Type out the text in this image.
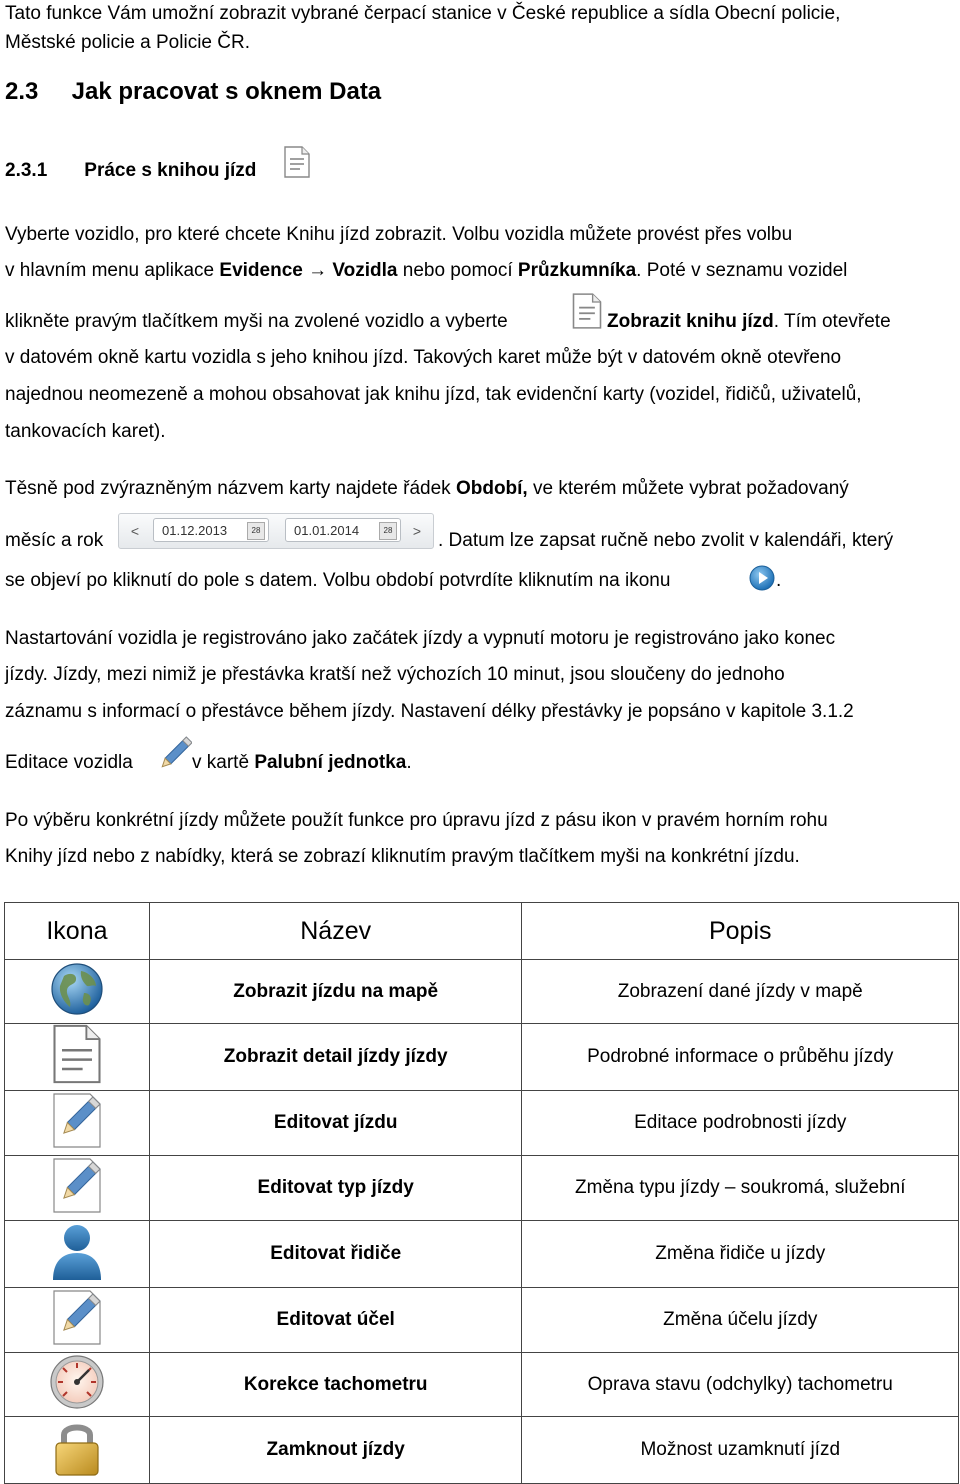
Tato funkce Vám umožní zobrazit vybrané čerpací stanice v České republice a sídla Obecní policie,
Městské policie a Policie ČR.
2.3 Jak pracovat s oknem Data
2.3.1 Práce s knihou jízd
Vyberte vozidlo, pro které chcete Knihu jízd zobrazit. Volbu vozidla můžete provést přes volbu
v hlavním menu aplikace Evidence → Vozidla nebo pomocí Průzkumníka. Poté v seznamu vozidel
klikněte pravým tlačítkem myši na zvolené vozidlo a vyberte	Zobrazit knihu jízd. Tím otevřete
v datovém okně kartu vozidla s jeho knihou jízd. Takových karet může být v datovém okně otevřeno
najednou neomezeně a mohou obsahovat jak knihu jízd, tak evidenční karty (vozidel, řidičů, uživatelů,
tankovacích karet).
Těsně pod zvýrazněným názvem karty najdete řádek Období, ve kterém můžete vybrat požadovaný
měsíc a rok	<	01.12.2013	28	01.01.2014	28	> . Datum lze zapsat ručně nebo zvolit v kalendáři, který
se objeví po kliknutí do pole s datem. Volbu období potvrdíte kliknutím na ikonu	.
Nastartování vozidla je registrováno jako začátek jízdy a vypnutí motoru je registrováno jako konec
jízdy. Jízdy, mezi nimiž je přestávka kratší než výchozích 10 minut, jsou sloučeny do jednoho
záznamu s informací o přestávce během jízdy. Nastavení délky přestávky je popsáno v kapitole 3.1.2
Editace vozidla	v kartě Palubní jednotka.
Po výběru konkrétní jízdy můžete použít funkce pro úpravu jízd z pásu ikon v pravém horním rohu
Knihy jízd nebo z nabídky, která se zobrazí kliknutím pravým tlačítkem myši na konkrétní jízdu.
Ikona	Název	Popis
	Zobrazit jízdu na mapě	Zobrazení dané jízdy v mapě
	Zobrazit detail jízdy jízdy	Podrobné informace o průběhu jízdy
	Editovat jízdu	Editace podrobnosti jízdy
	Editovat typ jízdy	Změna typu jízdy – soukromá, služební
	Editovat řidiče	Změna řidiče u jízdy
	Editovat účel	Změna účelu jízdy
	Korekce tachometru	Oprava stavu (odchylky) tachometru
	Zamknout jízdy	Možnost uzamknutí jízd
